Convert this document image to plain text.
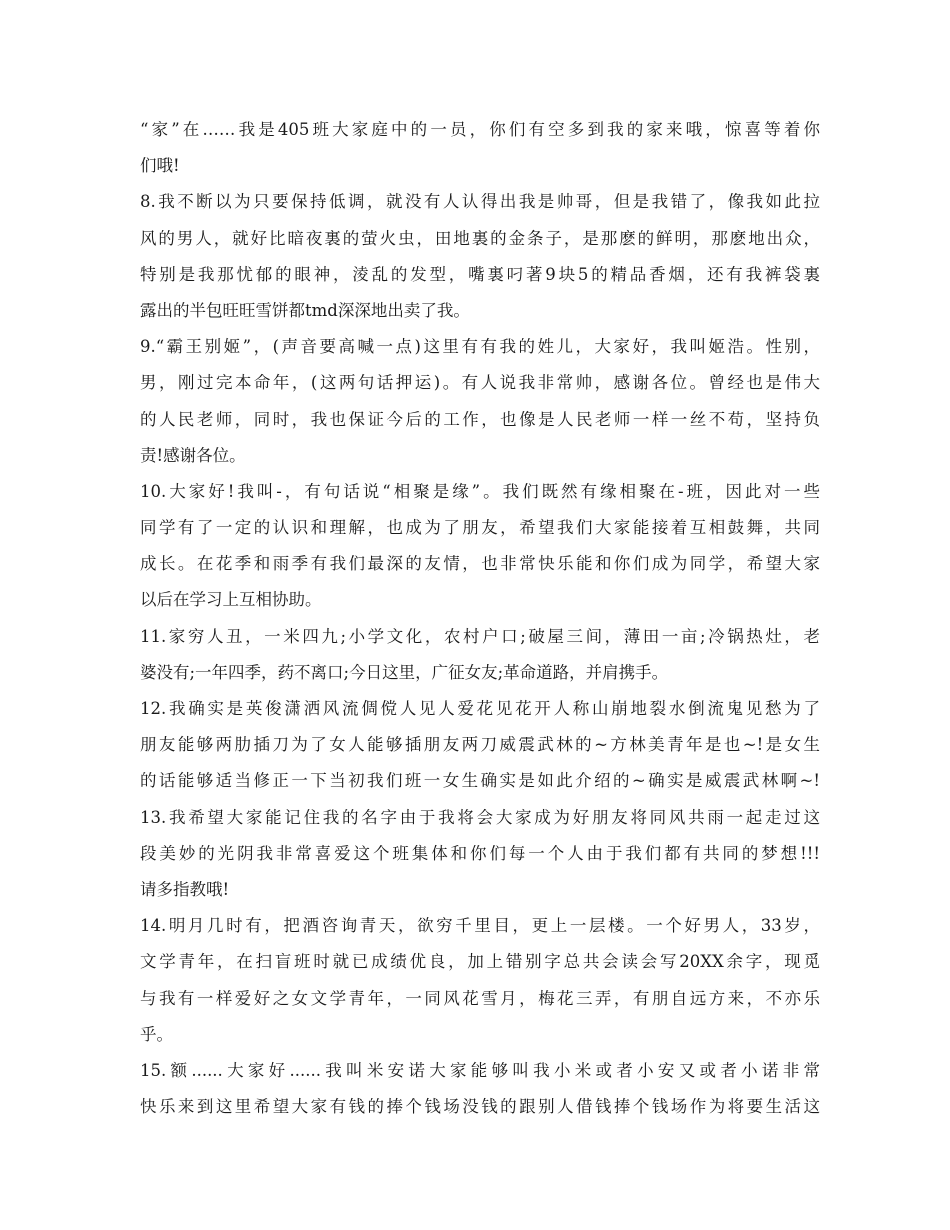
“家”在……我是405班大家庭中的一员，你们有空多到我的家来哦，惊喜等着你
们哦!
8.我不断以为只要保持低调，就没有人认得出我是帅哥，但是我错了，像我如此拉
风的男人，就好比暗夜裏的萤火虫，田地裏的金条子，是那麽的鲜明，那麽地出众，
特别是我那忧郁的眼神，淩乱的发型，嘴裏叼著9块5的精品香烟，还有我裤袋裏
露出的半包旺旺雪饼都tmd深深地出卖了我。
9.“霸王别姬”，(声音要高喊一点)这里有有我的姓儿，大家好，我叫姬浩。性别，
男，刚过完本命年，(这两句话押运)。有人说我非常帅，感谢各位。曾经也是伟大
的人民老师，同时，我也保证今后的工作，也像是人民老师一样一丝不苟，坚持负
责!感谢各位。
10.大家好!我叫-，有句话说“相聚是缘”。我们既然有缘相聚在-班，因此对一些
同学有了一定的认识和理解，也成为了朋友，希望我们大家能接着互相鼓舞，共同
成长。在花季和雨季有我们最深的友情，也非常快乐能和你们成为同学，希望大家
以后在学习上互相协助。
11.家穷人丑，一米四九;小学文化，农村户口;破屋三间，薄田一亩;冷锅热灶，老
婆没有;一年四季，药不离口;今日这里，广征女友;革命道路，并肩携手。
12.我确实是英俊潇洒风流倜傥人见人爱花见花开人称山崩地裂水倒流鬼见愁为了
朋友能够两肋插刀为了女人能够插朋友两刀威震武林的~方林美青年是也~!是女生
的话能够适当修正一下当初我们班一女生确实是如此介绍的~确实是威震武林啊~!
13.我希望大家能记住我的名字由于我将会大家成为好朋友将同风共雨一起走过这
段美妙的光阴我非常喜爱这个班集体和你们每一个人由于我们都有共同的梦想!!!
请多指教哦!
14.明月几时有，把酒咨询青天，欲穷千里目，更上一层楼。一个好男人，33岁，
文学青年，在扫盲班时就已成绩优良，加上错别字总共会读会写20XX余字，现觅
与我有一样爱好之女文学青年，一同风花雪月，梅花三弄，有朋自远方来，不亦乐
乎。
15.额......大家好......我叫米安诺大家能够叫我小米或者小安又或者小诺非常
快乐来到这里希望大家有钱的捧个钱场没钱的跟别人借钱捧个钱场作为将要生活这
